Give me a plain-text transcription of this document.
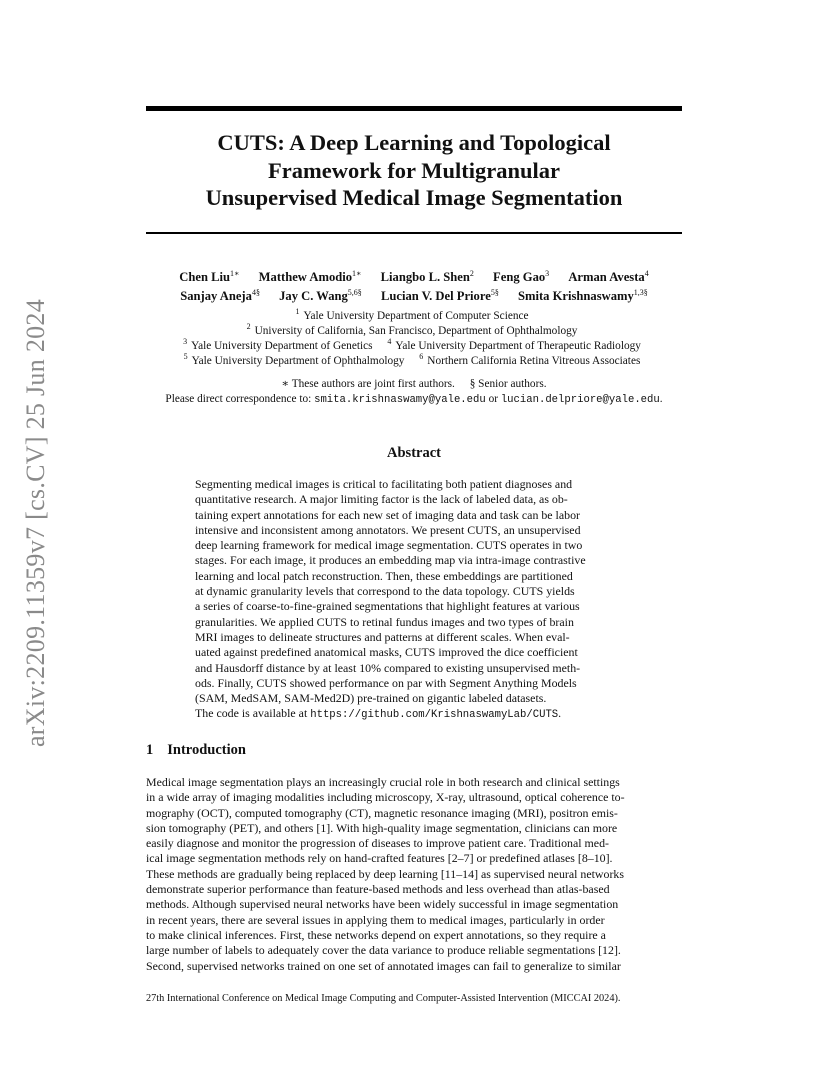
arXiv:2209.11359v7 [cs.CV] 25 Jun 2024
CUTS: A Deep Learning and Topological
Framework for Multigranular
Unsupervised Medical Image Segmentation
Chen Liu$^{1∗}$ Matthew Amodio$^{1∗}$ Liangbo L. Shen$^2$ Feng Gao$^3$ Arman Avesta$^4$
Sanjay Aneja$^{4\S}$ Jay C. Wang$^{5,6\S}$ Lucian V. Del Priore$^{5\S}$ Smita Krishnaswamy$^{1,3\S}$
$^1$ Yale University Department of Computer Science
$^2$ University of California, San Francisco, Department of Ophthalmology
$^3$ Yale University Department of Genetics $^4$ Yale University Department of Therapeutic Radiology
$^5$ Yale University Department of Ophthalmology $^6$ Northern California Retina Vitreous Associates
∗ These authors are joint first authors. § Senior authors.
Please direct correspondence to: smita.krishnaswamy@yale.edu or lucian.delpriore@yale.edu.
Abstract
Segmenting medical images is critical to facilitating both patient diagnoses and
quantitative research. A major limiting factor is the lack of labeled data, as ob-
taining expert annotations for each new set of imaging data and task can be labor
intensive and inconsistent among annotators. We present CUTS, an unsupervised
deep learning framework for medical image segmentation. CUTS operates in two
stages. For each image, it produces an embedding map via intra-image contrastive
learning and local patch reconstruction. Then, these embeddings are partitioned
at dynamic granularity levels that correspond to the data topology. CUTS yields
a series of coarse-to-fine-grained segmentations that highlight features at various
granularities. We applied CUTS to retinal fundus images and two types of brain
MRI images to delineate structures and patterns at different scales. When eval-
uated against predefined anatomical masks, CUTS improved the dice coefficient
and Hausdorff distance by at least 10% compared to existing unsupervised meth-
ods. Finally, CUTS showed performance on par with Segment Anything Models
(SAM, MedSAM, SAM-Med2D) pre-trained on gigantic labeled datasets.
The code is available at https://github.com/KrishnaswamyLab/CUTS.
1 Introduction
Medical image segmentation plays an increasingly crucial role in both research and clinical settings
in a wide array of imaging modalities including microscopy, X-ray, ultrasound, optical coherence to-
mography (OCT), computed tomography (CT), magnetic resonance imaging (MRI), positron emis-
sion tomography (PET), and others [1]. With high-quality image segmentation, clinicians can more
easily diagnose and monitor the progression of diseases to improve patient care. Traditional med-
ical image segmentation methods rely on hand-crafted features [2–7] or predefined atlases [8–10].
These methods are gradually being replaced by deep learning [11–14] as supervised neural networks
demonstrate superior performance than feature-based methods and less overhead than atlas-based
methods. Although supervised neural networks have been widely successful in image segmentation
in recent years, there are several issues in applying them to medical images, particularly in order
to make clinical inferences. First, these networks depend on expert annotations, so they require a
large number of labels to adequately cover the data variance to produce reliable segmentations [12].
Second, supervised networks trained on one set of annotated images can fail to generalize to similar
27th International Conference on Medical Image Computing and Computer-Assisted Intervention (MICCAI 2024).
